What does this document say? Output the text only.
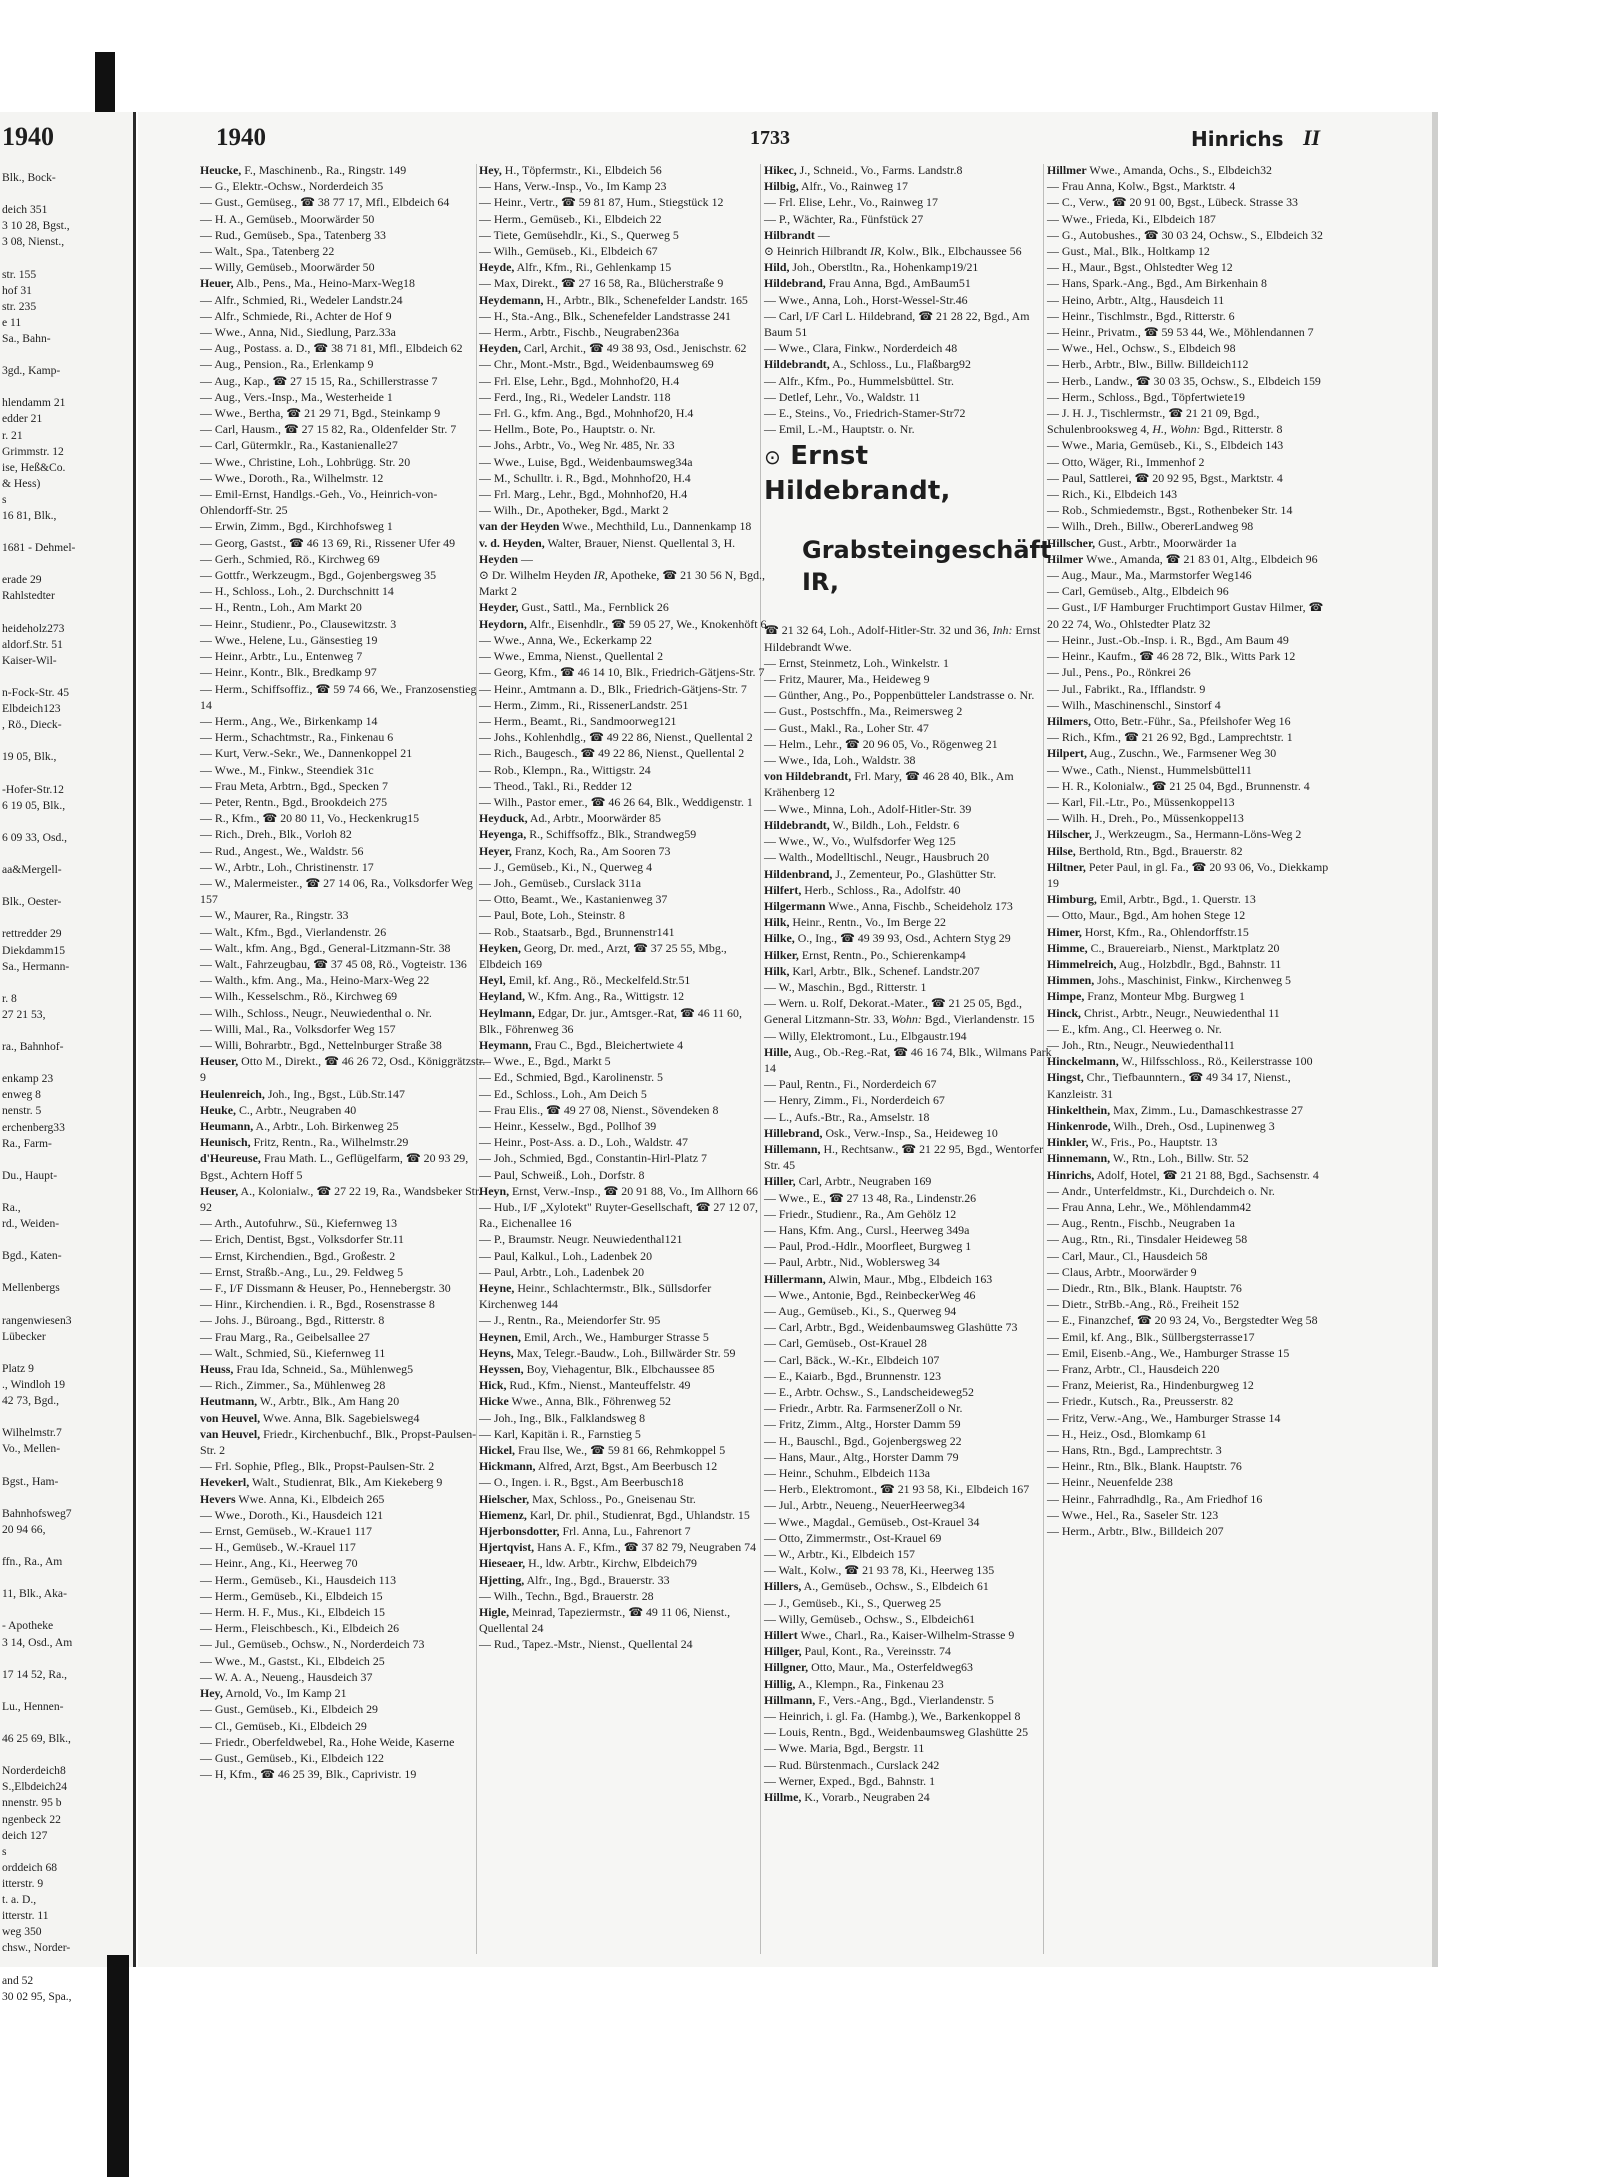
1940
Blk., Bock-

deich 351
3 10 28, Bgst.,
3 08, Nienst.,

str. 155
hof 31
str. 235
e 11
Sa., Bahn-

3gd., Kamp-

hlendamm 21
edder 21
r. 21
Grimmstr. 12
ise, Heß&Co.
& Hess)
s
16 81, Blk.,

1681 - Dehmel-

erade 29
Rahlstedter

heideholz273
aldorf.Str. 51
Kaiser-Wil-

n-Fock-Str. 45
Elbdeich123
, Rö., Dieck-

19 05, Blk.,

-Hofer-Str.12
6 19 05, Blk.,

6 09 33, Osd.,

aa&Mergell-

Blk., Oester-

rettredder 29
Diekdamm15
Sa., Hermann-

r. 8
27 21 53,

ra., Bahnhof-

enkamp 23
enweg 8
nenstr. 5
erchenberg33
Ra., Farm-

Du., Haupt-

Ra.,
rd., Weiden-

Bgd., Katen-

Mellenbergs

rangenwiesen3
Lübecker

Platz 9
., Windloh 19
42 73, Bgd.,

Wilhelmstr.7
Vo., Mellen-

Bgst., Ham-

Bahnhofsweg7
20 94 66,

ffn., Ra., Am

11, Blk., Aka-

- Apotheke
3 14, Osd., Am

17 14 52, Ra.,

Lu., Hennen-

46 25 69, Blk.,

Norderdeich8
S.,Elbdeich24
nnenstr. 95 b
ngenbeck 22
deich 127
s
orddeich 68
itterstr. 9
t. a. D.,
itterstr. 11
weg 350
chsw., Norder-

and 52
30 02 95, Spa.,
1940	1733	Hinrichs II

Heucke, F., Maschinenb., Ra., Ringstr. 149

— G., Elektr.-Ochsw., Norderdeich 35

— Gust., Gemüseg., ☎ 38 77 17, Mfl., Elbdeich 64

— H. A., Gemüseb., Moorwärder 50

— Rud., Gemüseb., Spa., Tatenberg 33

— Walt., Spa., Tatenberg 22

— Willy, Gemüseb., Moorwärder 50

Heuer, Alb., Pens., Ma., Heino-Marx-Weg18

— Alfr., Schmied, Ri., Wedeler Landstr.24

— Alfr., Schmiede, Ri., Achter de Hof 9

— Wwe., Anna, Nid., Siedlung, Parz.33a

— Aug., Postass. a. D., ☎ 38 71 81, Mfl., Elbdeich 62

— Aug., Pension., Ra., Erlenkamp 9

— Aug., Kap., ☎ 27 15 15, Ra., Schillerstrasse 7

— Aug., Vers.-Insp., Ma., Westerheide 1

— Wwe., Bertha, ☎ 21 29 71, Bgd., Steinkamp 9

— Carl, Hausm., ☎ 27 15 82, Ra., Oldenfelder Str. 7

— Carl, Gütermklr., Ra., Kastanienalle27

— Wwe., Christine, Loh., Lohbrügg. Str. 20

— Wwe., Doroth., Ra., Wilhelmstr. 12

— Emil-Ernst, Handlgs.-Geh., Vo., Heinrich-von-Ohlendorff-Str. 25

— Erwin, Zimm., Bgd., Kirchhofsweg 1

— Georg, Gastst., ☎ 46 13 69, Ri., Rissener Ufer 49

— Gerh., Schmied, Rö., Kirchweg 69

— Gottfr., Werkzeugm., Bgd., Gojenbergsweg 35

— H., Schloss., Loh., 2. Durchschnitt 14

— H., Rentn., Loh., Am Markt 20

— Heinr., Studienr., Po., Clausewitzstr. 3

— Wwe., Helene, Lu., Gänsestieg 19

— Heinr., Arbtr., Lu., Entenweg 7

— Heinr., Kontr., Blk., Bredkamp 97

— Herm., Schiffsoffiz., ☎ 59 74 66, We., Franzosenstieg 14

— Herm., Ang., We., Birkenkamp 14

— Herm., Schachtmstr., Ra., Finkenau 6

— Kurt, Verw.-Sekr., We., Dannenkoppel 21

— Wwe., M., Finkw., Steendiek 31c

— Frau Meta, Arbtrn., Bgd., Specken 7

— Peter, Rentn., Bgd., Brookdeich 275

— R., Kfm., ☎ 20 80 11, Vo., Heckenkrug15

— Rich., Dreh., Blk., Vorloh 82

— Rud., Angest., We., Waldstr. 56

— W., Arbtr., Loh., Christinenstr. 17

— W., Malermeister., ☎ 27 14 06, Ra., Volksdorfer Weg 157

— W., Maurer, Ra., Ringstr. 33

— Walt., Kfm., Bgd., Vierlandenstr. 26

— Walt., kfm. Ang., Bgd., General-Litzmann-Str. 38

— Walt., Fahrzeugbau, ☎ 37 45 08, Rö., Vogteistr. 136

— Walth., kfm. Ang., Ma., Heino-Marx-Weg 22

— Wilh., Kesselschm., Rö., Kirchweg 69

— Wilh., Schloss., Neugr., Neuwiedenthal o. Nr.

— Willi, Mal., Ra., Volksdorfer Weg 157

— Willi, Bohrarbtr., Bgd., Nettelnburger Straße 38

Heuser, Otto M., Direkt., ☎ 46 26 72, Osd., Königgrätzstr. 9

Heulenreich, Joh., Ing., Bgst., Lüb.Str.147

Heuke, C., Arbtr., Neugraben 40

Heumann, A., Arbtr., Loh. Birkenweg 25

Heunisch, Fritz, Rentn., Ra., Wilhelmstr.29

d'Heureuse, Frau Math. L., Geflügelfarm, ☎ 20 93 29, Bgst., Achtern Hoff 5

Heuser, A., Kolonialw., ☎ 27 22 19, Ra., Wandsbeker Str. 92

— Arth., Autofuhrw., Sü., Kiefernweg 13

— Erich, Dentist, Bgst., Volksdorfer Str.11

— Ernst, Kirchendien., Bgd., Großestr. 2

— Ernst, Straßb.-Ang., Lu., 29. Feldweg 5

— F., I/F Dissmann & Heuser, Po., Hennebergstr. 30

— Hinr., Kirchendien. i. R., Bgd., Rosenstrasse 8

— Johs. J., Büroang., Bgd., Ritterstr. 8

— Frau Marg., Ra., Geibelsallee 27

— Walt., Schmied, Sü., Kiefernweg 11

Heuss, Frau Ida, Schneid., Sa., Mühlenweg5

— Rich., Zimmer., Sa., Mühlenweg 28

Heutmann, W., Arbtr., Blk., Am Hang 20

von Heuvel, Wwe. Anna, Blk. Sagebielsweg4

van Heuvel, Friedr., Kirchenbuchf., Blk., Propst-Paulsen-Str. 2

— Frl. Sophie, Pfleg., Blk., Propst-Paulsen-Str. 2

Hevekerl, Walt., Studienrat, Blk., Am Kiekeberg 9

Hevers Wwe. Anna, Ki., Elbdeich 265

— Wwe., Doroth., Ki., Hausdeich 121

— Ernst, Gemüseb., W.-Kraue1 117

— H., Gemüseb., W.-Krauel 117

— Heinr., Ang., Ki., Heerweg 70

— Herm., Gemüseb., Ki., Hausdeich 113

— Herm., Gemüseb., Ki., Elbdeich 15

— Herm. H. F., Mus., Ki., Elbdeich 15

— Herm., Fleischbesch., Ki., Elbdeich 26

— Jul., Gemüseb., Ochsw., N., Norderdeich 73

— Wwe., M., Gastst., Ki., Elbdeich 25

— W. A. A., Neueng., Hausdeich 37

Hey, Arnold, Vo., Im Kamp 21

— Gust., Gemüseb., Ki., Elbdeich 29

— Cl., Gemüseb., Ki., Elbdeich 29

— Friedr., Oberfeldwebel, Ra., Hohe Weide, Kaserne

— Gust., Gemüseb., Ki., Elbdeich 122

— H, Kfm., ☎ 46 25 39, Blk., Caprivistr. 19

Hey, H., Töpfermstr., Ki., Elbdeich 56

— Hans, Verw.-Insp., Vo., Im Kamp 23

— Heinr., Vertr., ☎ 59 81 87, Hum., Stiegstück 12

— Herm., Gemüseb., Ki., Elbdeich 22

— Tiete, Gemüsehdlr., Ki., S., Querweg 5

— Wilh., Gemüseb., Ki., Elbdeich 67

Heyde, Alfr., Kfm., Ri., Gehlenkamp 15

— Max, Direkt., ☎ 27 16 58, Ra., Blücherstraße 9

Heydemann, H., Arbtr., Blk., Schenefelder Landstr. 165

— H., Sta.-Ang., Blk., Schenefelder Landstrasse 241

— Herm., Arbtr., Fischb., Neugraben236a

Heyden, Carl, Archit., ☎ 49 38 93, Osd., Jenischstr. 62

— Chr., Mont.-Mstr., Bgd., Weidenbaumsweg 69

— Frl. Else, Lehr., Bgd., Mohnhof20, H.4

— Ferd., Ing., Ri., Wedeler Landstr. 118

— Frl. G., kfm. Ang., Bgd., Mohnhof20, H.4

— Hellm., Bote, Po., Hauptstr. o. Nr.

— Johs., Arbtr., Vo., Weg Nr. 485, Nr. 33

— Wwe., Luise, Bgd., Weidenbaumsweg34a

— M., Schulltr. i. R., Bgd., Mohnhof20, H.4

— Frl. Marg., Lehr., Bgd., Mohnhof20, H.4

— Wilh., Dr., Apotheker, Bgd., Markt 2

van der Heyden Wwe., Mechthild, Lu., Dannenkamp 18

v. d. Heyden, Walter, Brauer, Nienst. Quellental 3, H.

Heyden —

⊙ Dr. Wilhelm Heyden IR, Apotheke, ☎ 21 30 56 N, Bgd., Markt 2

Heyder, Gust., Sattl., Ma., Fernblick 26

Heydorn, Alfr., Eisenhdlr., ☎ 59 05 27, We., Knokenhöft 6

— Wwe., Anna, We., Eckerkamp 22

— Wwe., Emma, Nienst., Quellental 2

— Georg, Kfm., ☎ 46 14 10, Blk., Friedrich-Gätjens-Str. 7

— Heinr., Amtmann a. D., Blk., Friedrich-Gätjens-Str. 7

— Herm., Zimm., Ri., RissenerLandstr. 251

— Herm., Beamt., Ri., Sandmoorweg121

— Johs., Kohlenhdlg., ☎ 49 22 86, Nienst., Quellental 2

— Rich., Baugesch., ☎ 49 22 86, Nienst., Quellental 2

— Rob., Klempn., Ra., Wittigstr. 24

— Theod., Takl., Ri., Redder 12

— Wilh., Pastor emer., ☎ 46 26 64, Blk., Weddigenstr. 1

Heyduck, Ad., Arbtr., Moorwärder 85

Heyenga, R., Schiffsoffz., Blk., Strandweg59

Heyer, Franz, Koch, Ra., Am Sooren 73

— J., Gemüseb., Ki., N., Querweg 4

— Joh., Gemüseb., Curslack 311a

— Otto, Beamt., We., Kastanienweg 37

— Paul, Bote, Loh., Steinstr. 8

— Rob., Staatsarb., Bgd., Brunnenstr141

Heyken, Georg, Dr. med., Arzt, ☎ 37 25 55, Mbg., Elbdeich 169

Heyl, Emil, kf. Ang., Rö., Meckelfeld.Str.51

Heyland, W., Kfm. Ang., Ra., Wittigstr. 12

Heylmann, Edgar, Dr. jur., Amtsger.-Rat, ☎ 46 11 60, Blk., Föhrenweg 36

Heymann, Frau C., Bgd., Bleichertwiete 4

— Wwe., E., Bgd., Markt 5

— Ed., Schmied, Bgd., Karolinenstr. 5

— Ed., Schloss., Loh., Am Deich 5

— Frau Elis., ☎ 49 27 08, Nienst., Sövendeken 8

— Heinr., Kesselw., Bgd., Pollhof 39

— Heinr., Post-Ass. a. D., Loh., Waldstr. 47

— Joh., Schmied, Bgd., Constantin-Hirl-Platz 7

— Paul, Schweiß., Loh., Dorfstr. 8

Heyn, Ernst, Verw.-Insp., ☎ 20 91 88, Vo., Im Allhorn 66

— Hub., I/F „Xylotekt" Ruyter-Gesellschaft, ☎ 27 12 07, Ra., Eichenallee 16

— P., Braumstr. Neugr. Neuwiedenthal121

— Paul, Kalkul., Loh., Ladenbek 20

— Paul, Arbtr., Loh., Ladenbek 20

Heyne, Heinr., Schlachtermstr., Blk., Süllsdorfer Kirchenweg 144

— J., Rentn., Ra., Meiendorfer Str. 95

Heynen, Emil, Arch., We., Hamburger Strasse 5

Heyns, Max, Telegr.-Baudw., Loh., Billwärder Str. 59

Heyssen, Boy, Viehagentur, Blk., Elbchaussee 85

Hick, Rud., Kfm., Nienst., Manteuffelstr. 49

Hicke Wwe., Anna, Blk., Föhrenweg 52

— Joh., Ing., Blk., Falklandsweg 8

— Karl, Kapitän i. R., Farnstieg 5

Hickel, Frau Ilse, We., ☎ 59 81 66, Rehmkoppel 5

Hickmann, Alfred, Arzt, Bgst., Am Beerbusch 12

— O., Ingen. i. R., Bgst., Am Beerbusch18

Hielscher, Max, Schloss., Po., Gneisenau Str.

Hiemenz, Karl, Dr. phil., Studienrat, Bgd., Uhlandstr. 15

Hjerbonsdotter, Frl. Anna, Lu., Fahrenort 7

Hjertqvist, Hans A. F., Kfm., ☎ 37 82 79, Neugraben 74

Hieseaer, H., ldw. Arbtr., Kirchw, Elbdeich79

Hjetting, Alfr., Ing., Bgd., Brauerstr. 33

— Wilh., Techn., Bgd., Brauerstr. 28

Higle, Meinrad, Tapeziermstr., ☎ 49 11 06, Nienst., Quellental 24

— Rud., Tapez.-Mstr., Nienst., Quellental 24

Hikec, J., Schneid., Vo., Farms. Landstr.8

Hilbig, Alfr., Vo., Rainweg 17

— Frl. Elise, Lehr., Vo., Rainweg 17

— P., Wächter, Ra., Fünfstück 27

Hilbrandt —

⊙ Heinrich Hilbrandt IR, Kolw., Blk., Elbchaussee 56

Hild, Joh., Oberstltn., Ra., Hohenkamp19/21

Hildebrand, Frau Anna, Bgd., AmBaum51

— Wwe., Anna, Loh., Horst-Wessel-Str.46

— Carl, I/F Carl L. Hildebrand, ☎ 21 28 22, Bgd., Am Baum 51

— Wwe., Clara, Finkw., Norderdeich 48

Hildebrandt, A., Schloss., Lu., Flaßbarg92

— Alfr., Kfm., Po., Hummelsbüttel. Str.

— Detlef, Lehr., Vo., Waldstr. 11

— E., Steins., Vo., Friedrich-Stamer-Str72

— Emil, L.-M., Hauptstr. o. Nr.

⊙ Ernst Hildebrandt,

Grabsteingeschäft IR,

☎ 21 32 64, Loh., Adolf-Hitler-Str. 32 und 36, Inh: Ernst Hildebrandt Wwe.

— Ernst, Steinmetz, Loh., Winkelstr. 1

— Fritz, Maurer, Ma., Heideweg 9

— Günther, Ang., Po., Poppenbütteler Landstrasse o. Nr.

— Gust., Postschffn., Ma., Reimersweg 2

— Gust., Makl., Ra., Loher Str. 47

— Helm., Lehr., ☎ 20 96 05, Vo., Rögenweg 21

— Wwe., Ida, Loh., Waldstr. 38

von Hildebrandt, Frl. Mary, ☎ 46 28 40, Blk., Am Krähenberg 12

— Wwe., Minna, Loh., Adolf-Hitler-Str. 39

Hildebrandt, W., Bildh., Loh., Feldstr. 6

— Wwe., W., Vo., Wulfsdorfer Weg 125

— Walth., Modelltischl., Neugr., Hausbruch 20

Hildenbrand, J., Zementeur, Po., Glashütter Str.

Hilfert, Herb., Schloss., Ra., Adolfstr. 40

Hilgermann Wwe., Anna, Fischb., Scheideholz 173

Hilk, Heinr., Rentn., Vo., Im Berge 22

Hilke, O., Ing., ☎ 49 39 93, Osd., Achtern Styg 29

Hilker, Ernst, Rentn., Po., Schierenkamp4

Hilk, Karl, Arbtr., Blk., Schenef. Landstr.207

— W., Maschin., Bgd., Ritterstr. 1

— Wern. u. Rolf, Dekorat.-Mater., ☎ 21 25 05, Bgd., General Litzmann-Str. 33, Wohn: Bgd., Vierlandenstr. 15

— Willy, Elektromont., Lu., Elbgaustr.194

Hille, Aug., Ob.-Reg.-Rat, ☎ 46 16 74, Blk., Wilmans Park 14

— Paul, Rentn., Fi., Norderdeich 67

— Henry, Zimm., Fi., Norderdeich 67

— L., Aufs.-Btr., Ra., Amselstr. 18

Hillebrand, Osk., Verw.-Insp., Sa., Heideweg 10

Hillemann, H., Rechtsanw., ☎ 21 22 95, Bgd., Wentorfer Str. 45

Hiller, Carl, Arbtr., Neugraben 169

— Wwe., E., ☎ 27 13 48, Ra., Lindenstr.26

— Friedr., Studienr., Ra., Am Gehölz 12

— Hans, Kfm. Ang., Cursl., Heerweg 349a

— Paul, Prod.-Hdlr., Moorfleet, Burgweg 1

— Paul, Arbtr., Nid., Woblersweg 34

Hillermann, Alwin, Maur., Mbg., Elbdeich 163

— Wwe., Antonie, Bgd., ReinbeckerWeg 46

— Aug., Gemüseb., Ki., S., Querweg 94

— Carl, Arbtr., Bgd., Weidenbaumsweg Glashütte 73

— Carl, Gemüseb., Ost-Krauel 28

— Carl, Bäck., W.-Kr., Elbdeich 107

— E., Kaiarb., Bgd., Brunnenstr. 123

— E., Arbtr. Ochsw., S., Landscheideweg52

— Friedr., Arbtr. Ra. FarmsenerZoll o Nr.

— Fritz, Zimm., Altg., Horster Damm 59

— H., Bauschl., Bgd., Gojenbergsweg 22

— Hans, Maur., Altg., Horster Damm 79

— Heinr., Schuhm., Elbdeich 113a

— Herb., Elektromont., ☎ 21 93 58, Ki., Elbdeich 167

— Jul., Arbtr., Neueng., NeuerHeerweg34

— Wwe., Magdal., Gemüseb., Ost-Krauel 34

— Otto, Zimmermstr., Ost-Krauel 69

— W., Arbtr., Ki., Elbdeich 157

— Walt., Kolw., ☎ 21 93 78, Ki., Heerweg 135

Hillers, A., Gemüseb., Ochsw., S., Elbdeich 61

— J., Gemüseb., Ki., S., Querweg 25

— Willy, Gemüseb., Ochsw., S., Elbdeich61

Hillert Wwe., Charl., Ra., Kaiser-Wilhelm-Strasse 9

Hillger, Paul, Kont., Ra., Vereinsstr. 74

Hillgner, Otto, Maur., Ma., Osterfeldweg63

Hillig, A., Klempn., Ra., Finkenau 23

Hillmann, F., Vers.-Ang., Bgd., Vierlandenstr. 5

— Heinrich, i. gl. Fa. (Hambg.), We., Barkenkoppel 8

— Louis, Rentn., Bgd., Weidenbaumsweg Glashütte 25

— Wwe. Maria, Bgd., Bergstr. 11

— Rud. Bürstenmach., Curslack 242

— Werner, Exped., Bgd., Bahnstr. 1

Hillme, K., Vorarb., Neugraben 24

Hillmer Wwe., Amanda, Ochs., S., Elbdeich32

— Frau Anna, Kolw., Bgst., Marktstr. 4

— C., Verw., ☎ 20 91 00, Bgst., Lübeck. Strasse 33

— Wwe., Frieda, Ki., Elbdeich 187

— G., Autobushes., ☎ 30 03 24, Ochsw., S., Elbdeich 32

— Gust., Mal., Blk., Holtkamp 12

— H., Maur., Bgst., Ohlstedter Weg 12

— Hans, Spark.-Ang., Bgd., Am Birkenhain 8

— Heino, Arbtr., Altg., Hausdeich 11

— Heinr., Tischlmstr., Bgd., Ritterstr. 6

— Heinr., Privatm., ☎ 59 53 44, We., Möhlendannen 7

— Wwe., Hel., Ochsw., S., Elbdeich 98

— Herb., Arbtr., Blw., Billw. Billdeich112

— Herb., Landw., ☎ 30 03 35, Ochsw., S., Elbdeich 159

— Herm., Schloss., Bgd., Töpfertwiete19

— J. H. J., Tischlermstr., ☎ 21 21 09, Bgd., Schulenbrooksweg 4, H., Wohn: Bgd., Ritterstr. 8

— Wwe., Maria, Gemüseb., Ki., S., Elbdeich 143

— Otto, Wäger, Ri., Immenhof 2

— Paul, Sattlerei, ☎ 20 92 95, Bgst., Marktstr. 4

— Rich., Ki., Elbdeich 143

— Rob., Schmiedemstr., Bgst., Rothenbeker Str. 14

— Wilh., Dreh., Billw., ObererLandweg 98

Hillscher, Gust., Arbtr., Moorwärder 1a

Hilmer Wwe., Amanda, ☎ 21 83 01, Altg., Elbdeich 96

— Aug., Maur., Ma., Marmstorfer Weg146

— Carl, Gemüseb., Altg., Elbdeich 96

— Gust., I/F Hamburger Fruchtimport Gustav Hilmer, ☎ 20 22 74, Wo., Ohlstedter Platz 32

— Heinr., Just.-Ob.-Insp. i. R., Bgd., Am Baum 49

— Heinr., Kaufm., ☎ 46 28 72, Blk., Witts Park 12

— Jul., Pens., Po., Rönkrei 26

— Jul., Fabrikt., Ra., Ifflandstr. 9

— Wilh., Maschinenschl., Sinstorf 4

Hilmers, Otto, Betr.-Führ., Sa., Pfeilshofer Weg 16

— Rich., Kfm., ☎ 21 26 92, Bgd., Lamprechtstr. 1

Hilpert, Aug., Zuschn., We., Farmsener Weg 30

— Wwe., Cath., Nienst., Hummelsbüttel11

— H. R., Kolonialw., ☎ 21 25 04, Bgd., Brunnenstr. 4

— Karl, Fil.-Ltr., Po., Müssenkoppel13

— Wilh. H., Dreh., Po., Müssenkoppel13

Hilscher, J., Werkzeugm., Sa., Hermann-Löns-Weg 2

Hilse, Berthold, Rtn., Bgd., Brauerstr. 82

Hiltner, Peter Paul, in gl. Fa., ☎ 20 93 06, Vo., Diekkamp 19

Himburg, Emil, Arbtr., Bgd., 1. Querstr. 13

— Otto, Maur., Bgd., Am hohen Stege 12

Himer, Horst, Kfm., Ra., Ohlendorffstr.15

Himme, C., Brauereiarb., Nienst., Marktplatz 20

Himmelreich, Aug., Holzbdlr., Bgd., Bahnstr. 11

Himmen, Johs., Maschinist, Finkw., Kirchenweg 5

Himpe, Franz, Monteur Mbg. Burgweg 1

Hinck, Christ., Arbtr., Neugr., Neuwiedenthal 11

— E., kfm. Ang., Cl. Heerweg o. Nr.

— Joh., Rtn., Neugr., Neuwiedenthal11

Hinckelmann, W., Hilfsschloss., Rö., Keilerstrasse 100

Hingst, Chr., Tiefbaunntern., ☎ 49 34 17, Nienst., Kanzleistr. 31

Hinkelthein, Max, Zimm., Lu., Damaschkestrasse 27

Hinkenrode, Wilh., Dreh., Osd., Lupinenweg 3

Hinkler, W., Fris., Po., Hauptstr. 13

Hinnemann, W., Rtn., Loh., Billw. Str. 52

Hinrichs, Adolf, Hotel, ☎ 21 21 88, Bgd., Sachsenstr. 4

— Andr., Unterfeldmstr., Ki., Durchdeich o. Nr.

— Frau Anna, Lehr., We., Möhlendamm42

— Aug., Rentn., Fischb., Neugraben 1a

— Aug., Rtn., Ri., Tinsdaler Heideweg 58

— Carl, Maur., Cl., Hausdeich 58

— Claus, Arbtr., Moorwärder 9

— Diedr., Rtn., Blk., Blank. Hauptstr. 76

— Dietr., StrBb.-Ang., Rö., Freiheit 152

— E., Finanzchef, ☎ 20 93 24, Vo., Bergstedter Weg 58

— Emil, kf. Ang., Blk., Süllbergsterrasse17

— Emil, Eisenb.-Ang., We., Hamburger Strasse 15

— Franz, Arbtr., Cl., Hausdeich 220

— Franz, Meierist, Ra., Hindenburgweg 12

— Friedr., Kutsch., Ra., Preusserstr. 82

— Fritz, Verw.-Ang., We., Hamburger Strasse 14

— H., Heiz., Osd., Blomkamp 61

— Hans, Rtn., Bgd., Lamprechtstr. 3

— Heinr., Rtn., Blk., Blank. Hauptstr. 76

— Heinr., Neuenfelde 238

— Heinr., Fahrradhdlg., Ra., Am Friedhof 16

— Wwe., Hel., Ra., Saseler Str. 123

— Herm., Arbtr., Blw., Billdeich 207
